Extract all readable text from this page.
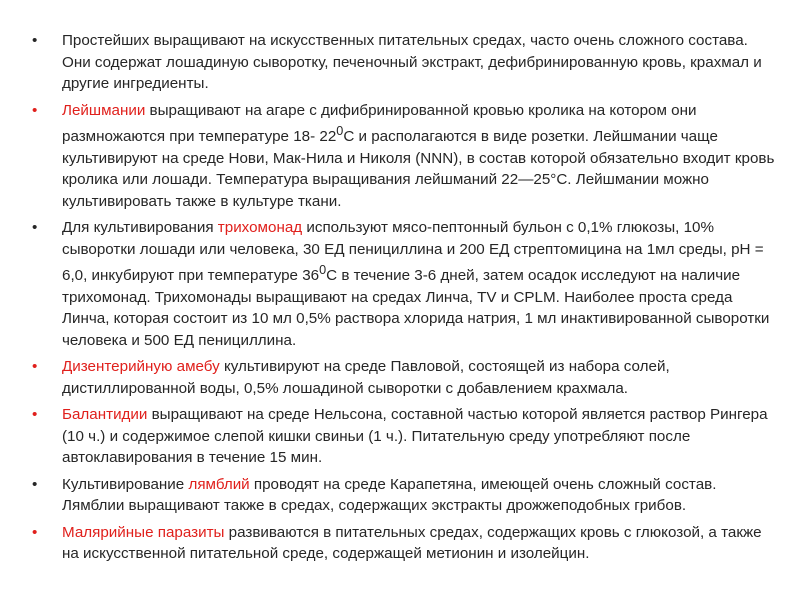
•	Простейших выращивают на искусственных питательных средах, часто очень сложного состава. Они содержат лошадиную сыворотку, печеночный экстракт, дефибринированную кровь, крахмал и другие ингредиенты.
•	Лейшмании выращивают на агаре с дифибринированной кровью кролика на котором они размножаются при температуре 18- $22^0С$ и располагаются в виде розетки. Лейшмании чаще культивируют на среде Нови, Мак-Нила и Николя (NNN), в состав которой обязательно входит кровь кролика или лошади. Температура выращивания лейшманий 22—25°С. Лейшмании можно культивировать также в культуре ткани.
•	Для культивирования трихомонад используют мясо-пептонный бульон с 0,1% глюкозы, 10% сыворотки лошади или человека, 30 ЕД пенициллина и 200 ЕД стрептомицина на 1мл среды, рН = 6,0, инкубируют при температуре $36^0С$ в течение 3-6 дней, затем осадок исследуют на наличие трихомонад. Трихомонады выращивают на средах Линча, TV и CPLM. Наиболее проста среда Линча, которая состоит из 10 мл 0,5% раствора хлорида натрия, 1 мл инактивированной сыворотки человека и 500 ЕД пенициллина.
•	Дизентерийную амебу культивируют на среде Павловой, состоящей из набора солей, дистиллированной воды, 0,5% лошадиной сыворотки с добавлением крахмала.
•	Балантидии выращивают на среде Нельсона, составной частью которой является раствор Рингера (10 ч.) и содержимое слепой кишки свиньи (1 ч.). Питательную среду употребляют после автоклавирования в течение 15 мин.
•	Культивирование лямблий проводят на среде Карапетяна, имеющей очень сложный состав. Лямблии выращивают также в средах, содержащих экстракты дрожжеподобных грибов.
•	Малярийные паразиты развиваются в питательных средах, содержащих кровь с глюкозой, а также на искусственной питательной среде, содержащей метионин и изолейцин.
